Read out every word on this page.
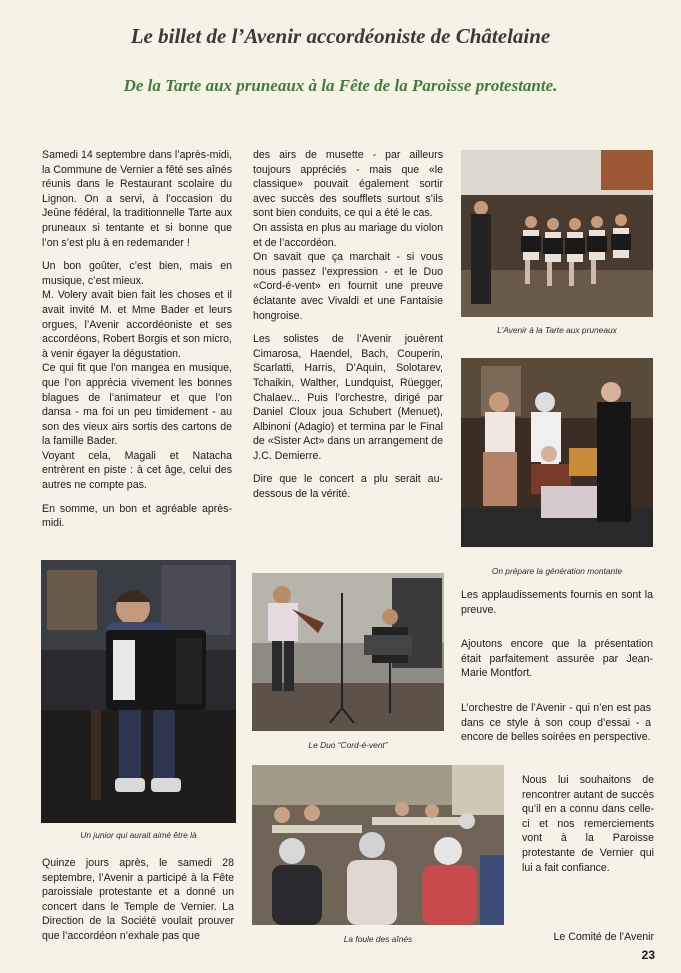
Le billet de l’Avenir accordéoniste de Châtelaine
De la Tarte aux pruneaux à la Fête de la Paroisse protestante.

Samedi 14 septembre dans l’après-midi, la Commune de Vernier a fêté ses aînés réunis dans le Restaurant scolaire du Lignon. On a servi, à l’occasion du Jeûne fédéral, la traditionnelle Tarte aux pruneaux si tentante et si bonne que l’on s’est plu à en redemander !

Un bon goûter, c’est bien, mais en musique, c’est mieux.

M. Volery avait bien fait les choses et il avait invité M. et Mme Bader et leurs orgues, l’Avenir accordéoniste et ses accordéons, Robert Borgis et son micro, à venir égayer la dégustation.

Ce qui fit que l’on mangea en musique, que l’on apprécia vivement les bonnes blagues de l’animateur et que l’on dansa - ma foi un peu timidement - au son des vieux airs sortis des cartons de la famille Bader.

Voyant cela, Magali et Natacha entrèrent en piste : à cet âge, celui des autres ne compte pas.

En somme, un bon et agréable après-midi.

Un junior qui aurait aimé être là

Quinze jours après, le samedi 28 septembre, l’Avenir a participé à la Fête paroissiale protestante et a donné un concert dans le Temple de Vernier. La Direction de la Société voulait prouver que l’accordéon n’exhale pas que

des airs de musette - par ailleurs toujours appréciés - mais que «le classique» pouvait également sortir avec succès des soufflets surtout s’ils sont bien conduits, ce qui a été le cas.

On assista en plus au mariage du violon et de l’accordéon.

On savait que ça marchait - si vous nous passez l’expression - et le Duo «Cord-é-vent» en fournit une preuve éclatante avec Vivaldi et une Fantaisie hongroise.

Les solistes de l’Avenir jouèrent Cimarosa, Haendel, Bach, Couperin, Scarlatti, Harris, D’Aquin, Solotarev, Tchaikin, Walther, Lundquist, Rüegger, Chalaev... Puis l’orchestre, dirigé par Daniel Cloux joua Schubert (Menuet), Albinoni (Adagio) et termina par le Final de «Sister Act» dans un arrangement de J.C. Demierre.

Dire que le concert a plu serait au-dessous de la vérité.

Le Duo “Cord-é-vent”
La foule des aînés
L’Avenir à la Tarte aux pruneaux
On prépare la génération montante

Les applaudissements fournis en sont la preuve.

Ajoutons encore que la présentation était parfaitement assurée par Jean-Marie Montfort.

L’orchestre de l’Avenir - qui n’en est pas dans ce style à son coup d’essai - a encore de belles soirées en perspective.

Nous lui souhaitons de rencontrer autant de succès qu’il en a connu dans celle-ci et nos remerciements vont à la Paroisse protestante de Vernier qui lui a fait confiance.

Le Comité de l’Avenir
23
